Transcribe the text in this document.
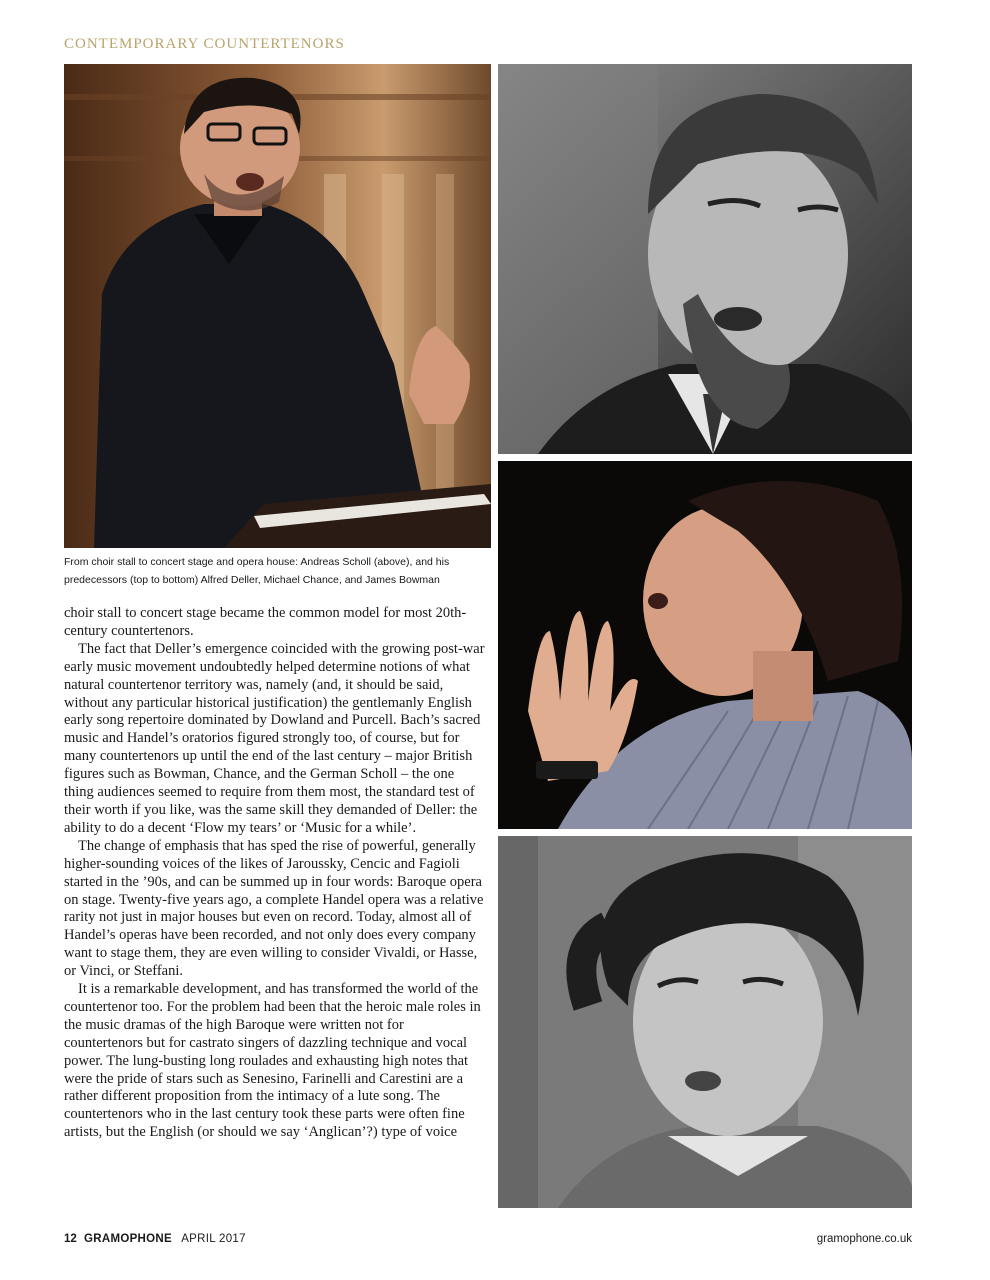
CONTEMPORARY COUNTERTENORS
From choir stall to concert stage and opera house: Andreas Scholl (above), and his
predecessors (top to bottom) Alfred Deller, Michael Chance, and James Bowman

choir stall to concert stage became the common model for most 20th-century countertenors.

The fact that Deller’s emergence coincided with the growing post-war early music movement undoubtedly helped determine notions of what natural countertenor territory was, namely (and, it should be said, without any particular historical justification) the gentlemanly English early song repertoire dominated by Dowland and Purcell. Bach’s sacred music and Handel’s oratorios figured strongly too, of course, but for many countertenors up until the end of the last century – major British figures such as Bowman, Chance, and the German Scholl – the one thing audiences seemed to require from them most, the standard test of their worth if you like, was the same skill they demanded of Deller: the ability to do a decent ‘Flow my tears’ or ‘Music for a while’.

The change of emphasis that has sped the rise of powerful, generally higher-sounding voices of the likes of Jaroussky, Cencic and Fagioli started in the ’90s, and can be summed up in four words: Baroque opera on stage. Twenty-five years ago, a complete Handel opera was a relative rarity not just in major houses but even on record. Today, almost all of Handel’s operas have been recorded, and not only does every company want to stage them, they are even willing to consider Vivaldi, or Hasse, or Vinci, or Steffani.

It is a remarkable development, and has transformed the world of the countertenor too. For the problem had been that the heroic male roles in the music dramas of the high Baroque were written not for countertenors but for castrato singers of dazzling technique and vocal power. The lung-busting long roulades and exhausting high notes that were the pride of stars such as Senesino, Farinelli and Carestini are a rather different proposition from the intimacy of a lute song. The countertenors who in the last century took these parts were often fine artists, but the English (or should we say ‘Anglican’?) type of voice

12 GRAMOPHONE APRIL 2017	gramophone.co.uk
